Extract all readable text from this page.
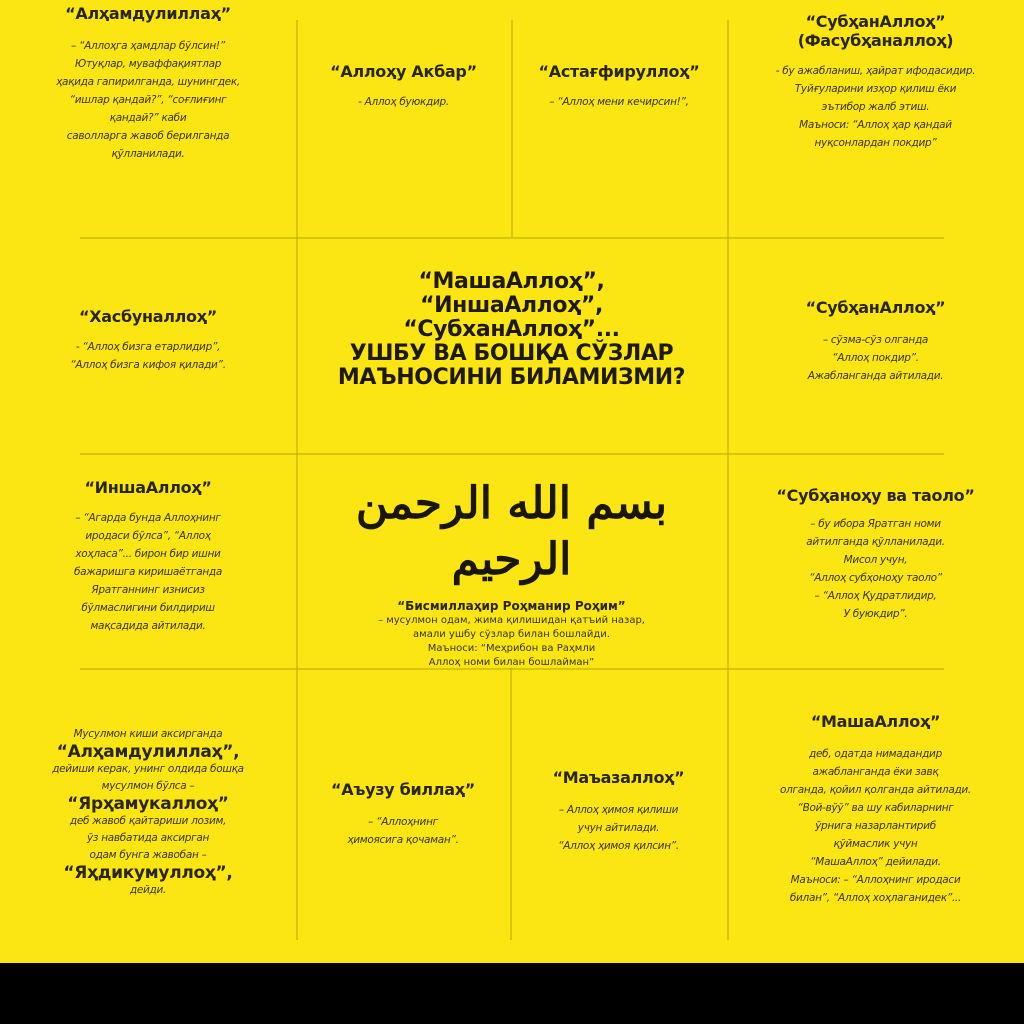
“Алҳамдулиллаҳ”
– “Аллоҳга ҳамдлар бўлсин!”
Ютуқлар, муваффақиятлар
ҳақида гапирилганда, шунингдек,
“ишлар қандай?”, “соғлиғинг
қандай?” каби
саволларга жавоб берилганда
қўлланилади.
“Аллоҳу Акбар”
- Аллоҳ буюкдир.
“Астағфируллоҳ”
– “Аллоҳ мени кечирсин!”,
“СубҳанАллоҳ”
(Фасубҳаналлоҳ)
- бу ажабланиш, ҳайрат ифодасидир.
Туйғуларини изҳор қилиш ёки
эътибор жалб этиш.
Маъноси: “Аллоҳ ҳар қандай
нуқсонлардан покдир”
“Хасбуналлоҳ”
- “Аллоҳ бизга етарлидир”,
“Аллоҳ бизга кифоя қилади”.
“МашаАллоҳ”,
“ИншаАллоҳ”,
“СубханАллоҳ”...
УШБУ ВА БОШҚА СЎЗЛАР
МАЪНОСИНИ БИЛАМИЗМИ?
“СубҳанАллоҳ”
– сўзма-сўз олганда
“Аллоҳ покдир”.
Ажабланганда айтилади.
“ИншаАллоҳ”
– “Агарда бунда Аллоҳнинг
иродаси бўлса”, “Аллоҳ
хоҳласа”... бирон бир ишни
бажаришга киришаётганда
Яратганнинг изнисиз
бўлмаслигини билдириш
мақсадида айтилади.
بسم الله الرحمن الرحيم
“Бисмиллаҳир Роҳманир Роҳим”
– мусулмон одам, жима қилишидан қатъий назар,
амали ушбу сўзлар билан бошлайди.
Маъноси: “Меҳрибон ва Раҳмли
Аллоҳ номи билан бошлайман”
“Субҳаноҳу ва таоло”
– бу ибора Яратган номи
айтилганда қўлланилади.
Мисол учун,
“Аллоҳ субҳоноҳу таоло”
– “Аллоҳ Қудратлидир,
У буюкдир”.
Мусулмон киши аксирганда
“Алҳамдулиллаҳ”,
дейиши керак, унинг олдида бошқа
мусулмон бўлса –
“Ярҳамукаллоҳ”
деб жавоб қайтариши лозим,
ўз навбатида аксирган
одам бунга жавобан –
“Яҳдикумуллоҳ”,
дейди.
“Аъузу биллаҳ”
– “Аллоҳнинг
ҳимоясига қочаман”.
“Маъазаллоҳ”
– Аллоҳ ҳимоя қилиши
учун айтилади.
“Аллоҳ ҳимоя қилсин”.
“МашаАллоҳ”
деб, одатда нимадандир
ажабланганда ёки завқ
олганда, қойил қолганда айтилади.
“Вой-вўў” ва шу кабиларнинг
ўрнига назарлантириб
қўймаслик учун
“МашаАллоҳ” дейилади.
Маъноси: – “Аллоҳнинг иродаси
билан”, “Аллоҳ хоҳлаганидек”...
